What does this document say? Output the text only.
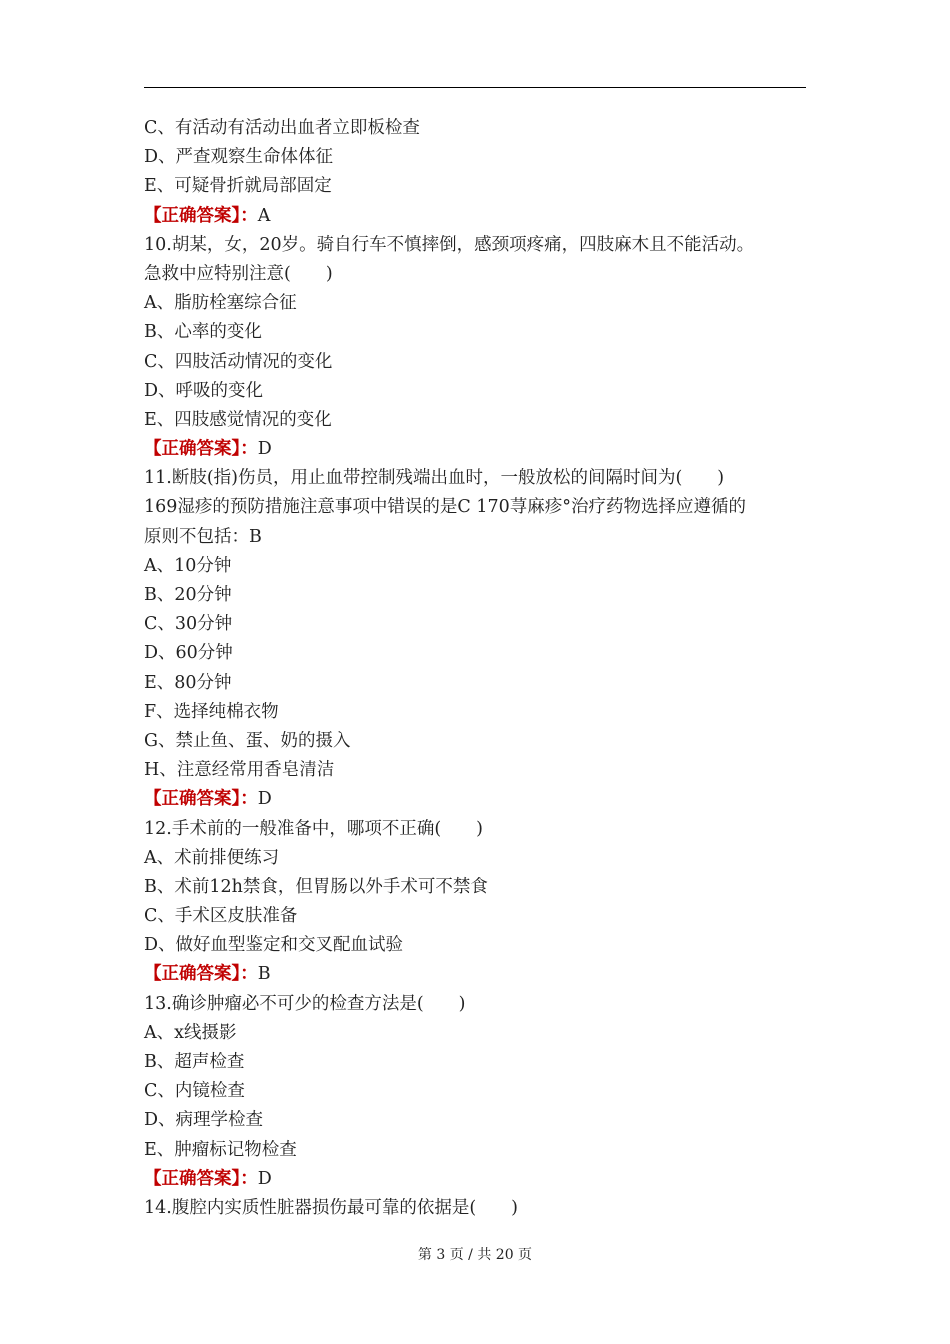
C、有活动有活动出血者立即板检查
D、严查观察生命体体征
E、可疑骨折就局部固定
【正确答案】：A
10.胡某，女，20岁。骑自行车不慎摔倒，感颈项疼痛，四肢麻木且不能活动。
急救中应特别注意(　　)
A、脂肪栓塞综合征
B、心率的变化
C、四肢活动情况的变化
D、呼吸的变化
E、四肢感觉情况的变化
【正确答案】：D
11.断肢(指)伤员，用止血带控制残端出血时，一般放松的间隔时间为(　　)
169湿疹的预防措施注意事项中错误的是C 170荨麻疹°治疗药物选择应遵循的
原则不包括：B
A、10分钟
B、20分钟
C、30分钟
D、60分钟
E、80分钟
F、选择纯棉衣物
G、禁止鱼、蛋、奶的摄入
H、注意经常用香皂清洁
【正确答案】：D
12.手术前的一般准备中，哪项不正确(　　)
A、术前排便练习
B、术前12h禁食，但胃肠以外手术可不禁食
C、手术区皮肤准备
D、做好血型鉴定和交叉配血试验
【正确答案】：B
13.确诊肿瘤必不可少的检查方法是(　　)
A、x线摄影
B、超声检查
C、内镜检查
D、病理学检查
E、肿瘤标记物检查
【正确答案】：D
14.腹腔内实质性脏器损伤最可靠的依据是(　　)
第 3 页 / 共 20 页
